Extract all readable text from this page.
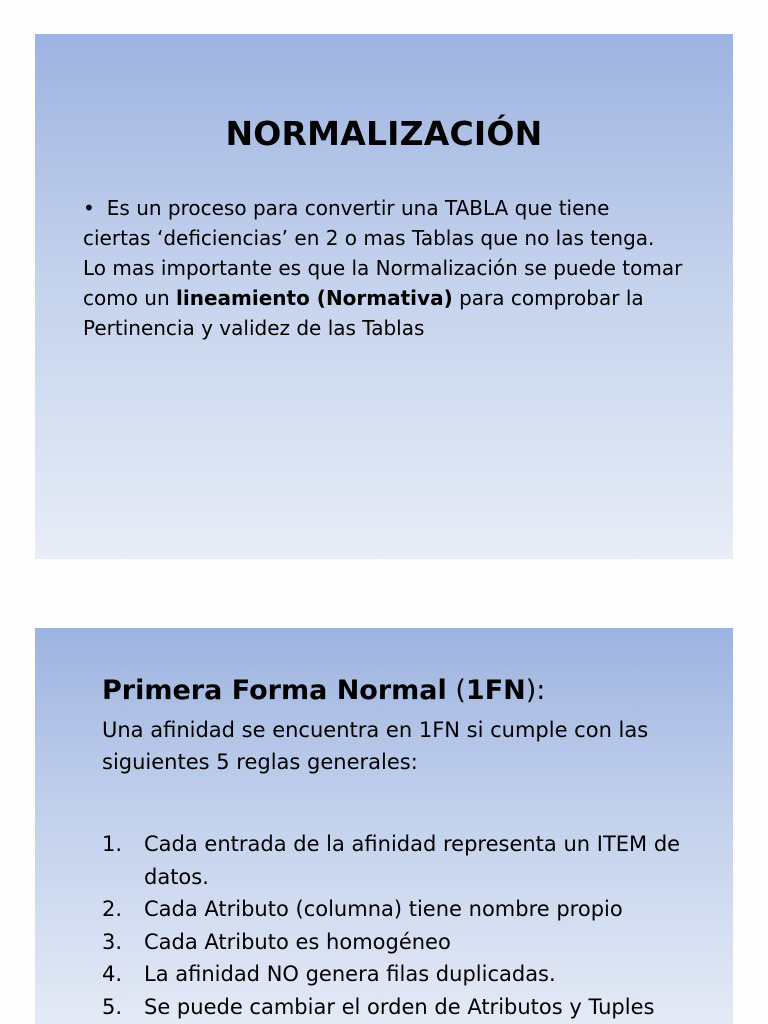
NORMALIZACIÓN

• Es un proceso para convertir una TABLA que tiene ciertas ‘deficiencias’ en 2 o mas Tablas que no las tenga.

Lo mas importante es que la Normalización se puede tomar como un lineamiento (Normativa) para comprobar la Pertinencia y validez de las Tablas

Primera Forma Normal (1FN):
Una afinidad se encuentra en 1FN si cumple con las siguientes 5 reglas generales:
1.	Cada entrada de la afinidad representa un ITEM de datos.
2.	Cada Atributo (columna) tiene nombre propio
3.	Cada Atributo es homogéneo
4.	La afinidad NO genera filas duplicadas.
5.	Se puede cambiar el orden de Atributos y Tuples
